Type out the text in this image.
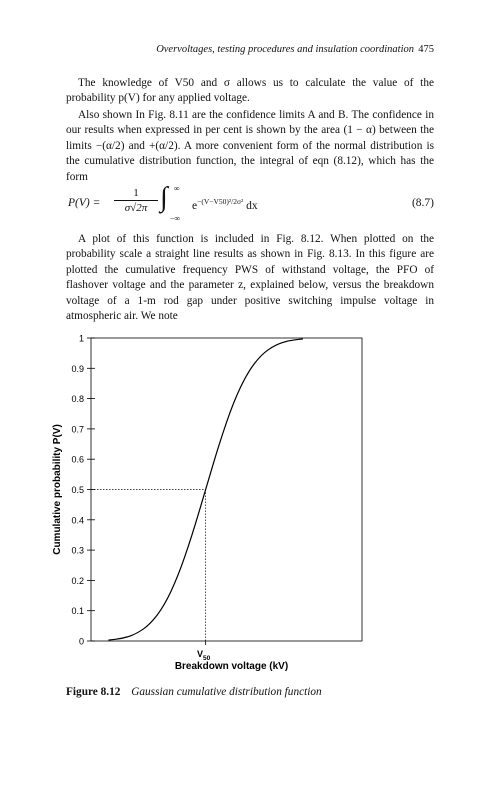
Overvoltages, testing procedures and insulation coordination 475

The knowledge of V50 and σ allows us to calculate the value of the probability p(V) for any applied voltage.

Also shown In Fig. 8.11 are the confidence limits A and B. The confidence in our results when expressed in per cent is shown by the area (1 − α) between the limits −(α/2) and +(α/2). A more convenient form of the normal distribution is the cumulative distribution function, the integral of eqn (8.12), which has the form

P(V) =
1
σ√2π ∫ ∞
−∞
$e^{-(V-V50)^2/2\sigma^2}$ dx	(8.7)

A plot of this function is included in Fig. 8.12. When plotted on the probability scale a straight line results as shown in Fig. 8.13. In this figure are plotted the cumulative frequency PWS of withstand voltage, the PFO of flashover voltage and the parameter z, explained below, versus the breakdown voltage of a 1-m rod gap under positive switching impulse voltage in atmospheric air. We note

0
0.1
0.2
0.3
0.4
0.5
0.6
0.7
0.8
0.9
1
Cumulative probability P(V)
$V_{50}$
Breakdown voltage (kV)
Figure 8.12 Gaussian cumulative distribution function
